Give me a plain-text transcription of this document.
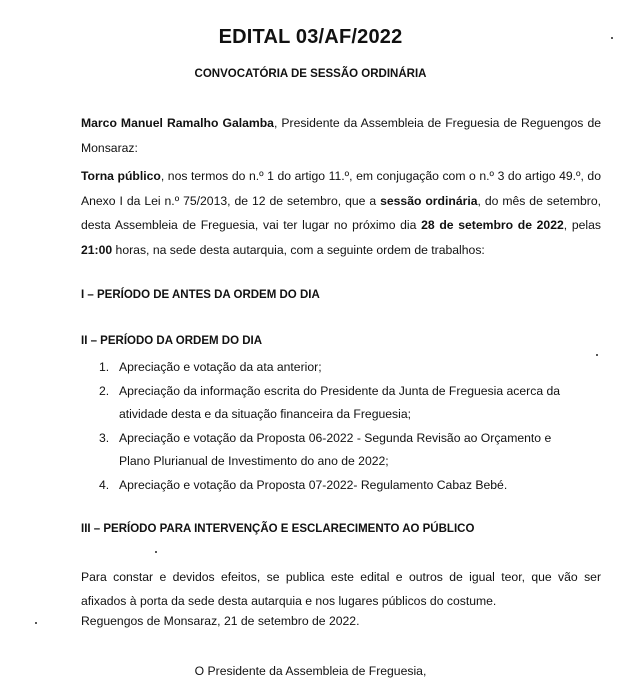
EDITAL 03/AF/2022
CONVOCATÓRIA DE SESSÃO ORDINÁRIA
Marco Manuel Ramalho Galamba, Presidente da Assembleia de Freguesia de Reguengos de Monsaraz:
Torna público, nos termos do n.º 1 do artigo 11.º, em conjugação com o n.º 3 do artigo 49.º, do Anexo I da Lei n.º 75/2013, de 12 de setembro, que a sessão ordinária, do mês de setembro, desta Assembleia de Freguesia, vai ter lugar no próximo dia 28 de setembro de 2022, pelas 21:00 horas, na sede desta autarquia, com a seguinte ordem de trabalhos:
I – PERÍODO DE ANTES DA ORDEM DO DIA
II – PERÍODO DA ORDEM DO DIA
1. Apreciação e votação da ata anterior;
2. Apreciação da informação escrita do Presidente da Junta de Freguesia acerca da atividade desta e da situação financeira da Freguesia;
3. Apreciação e votação da Proposta 06-2022 - Segunda Revisão ao Orçamento e Plano Plurianual de Investimento do ano de 2022;
4. Apreciação e votação da Proposta 07-2022- Regulamento Cabaz Bebé.
III – PERÍODO PARA INTERVENÇÃO E ESCLARECIMENTO AO PÚBLICO
Para constar e devidos efeitos, se publica este edital e outros de igual teor, que vão ser afixados à porta da sede desta autarquia e nos lugares públicos do costume.
Reguengos de Monsaraz, 21 de setembro de 2022.
O Presidente da Assembleia de Freguesia,
